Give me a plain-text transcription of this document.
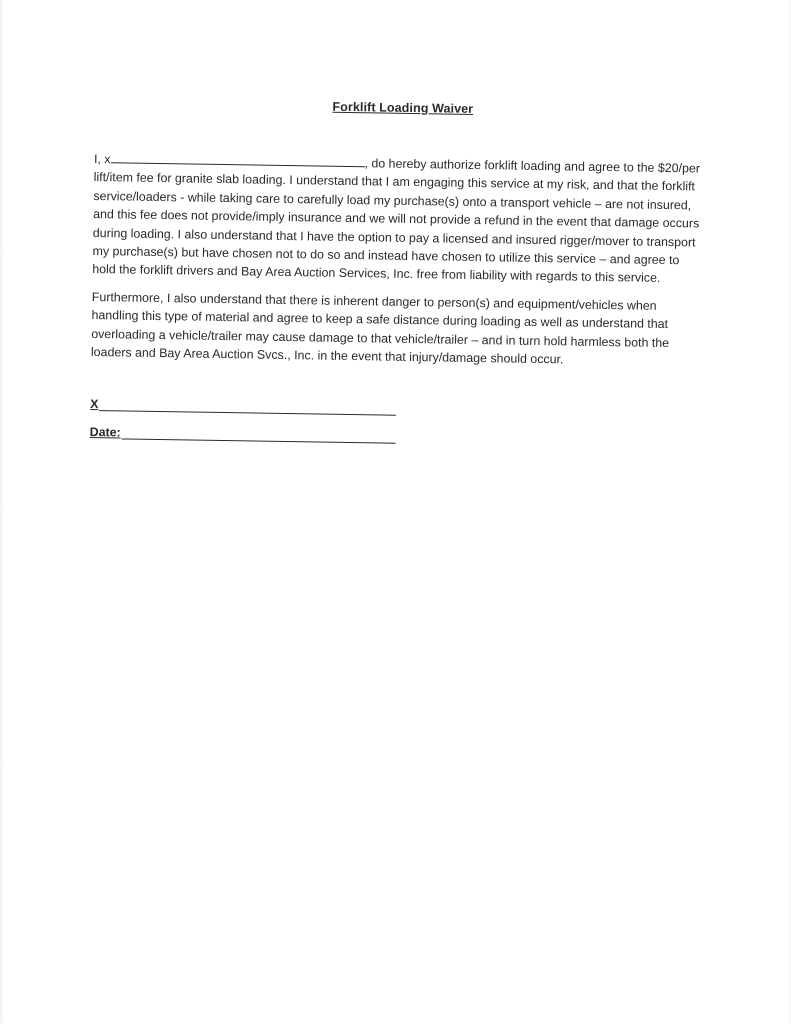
Forklift Loading Waiver

I, x	, do hereby authorize forklift loading and agree to the $20/per lift/item fee for granite slab loading. I understand that I am engaging this service at my risk, and that the forklift service/loaders - while taking care to carefully load my purchase(s) onto a transport vehicle – are not insured, and this fee does not provide/imply insurance and we will not provide a refund in the event that damage occurs during loading. I also understand that I have the option to pay a licensed and insured rigger/mover to transport my purchase(s) but have chosen not to do so and instead have chosen to utilize this service – and agree to hold the forklift drivers and Bay Area Auction Services, Inc. free from liability with regards to this service.

Furthermore, I also understand that there is inherent danger to person(s) and equipment/vehicles when handling this type of material and agree to keep a safe distance during loading as well as understand that overloading a vehicle/trailer may cause damage to that vehicle/trailer – and in turn hold harmless both the loaders and Bay Area Auction Svcs., Inc. in the event that injury/damage should occur.

X
Date:
